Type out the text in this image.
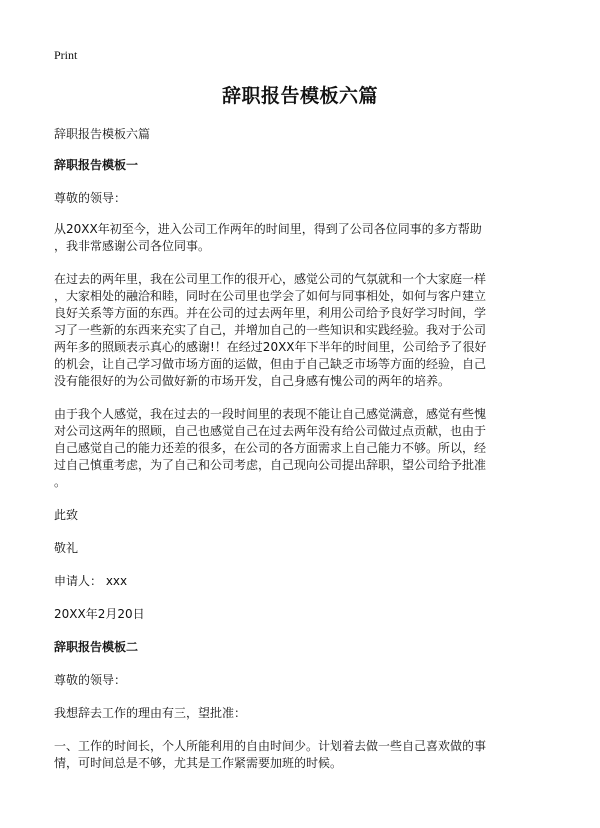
Print
辞职报告模板六篇
辞职报告模板六篇
辞职报告模板一
尊敬的领导：
从20XX年初至今，进入公司工作两年的时间里，得到了公司各位同事的多方帮助
，我非常感谢公司各位同事。
在过去的两年里，我在公司里工作的很开心，感觉公司的气氛就和一个大家庭一样
，大家相处的融洽和睦，同时在公司里也学会了如何与同事相处，如何与客户建立
良好关系等方面的东西。并在公司的过去两年里，利用公司给予良好学习时间，学
习了一些新的东西来充实了自己，并增加自己的一些知识和实践经验。我对于公司
两年多的照顾表示真心的感谢!！在经过20XX年下半年的时间里，公司给予了很好
的机会，让自己学习做市场方面的运做，但由于自己缺乏市场等方面的经验，自己
没有能很好的为公司做好新的市场开发，自己身感有愧公司的两年的培养。
由于我个人感觉，我在过去的一段时间里的表现不能让自己感觉满意，感觉有些愧
对公司这两年的照顾，自己也感觉自己在过去两年没有给公司做过点贡献，也由于
自己感觉自己的能力还差的很多，在公司的各方面需求上自己能力不够。所以，经
过自己慎重考虑，为了自己和公司考虑，自己现向公司提出辞职，望公司给予批准
。
此致
敬礼
申请人： xxx
20XX年2月20日
辞职报告模板二
尊敬的领导：
我想辞去工作的理由有三，望批准：
一、工作的时间长，个人所能利用的自由时间少。计划着去做一些自己喜欢做的事
情，可时间总是不够，尤其是工作紧需要加班的时候。
